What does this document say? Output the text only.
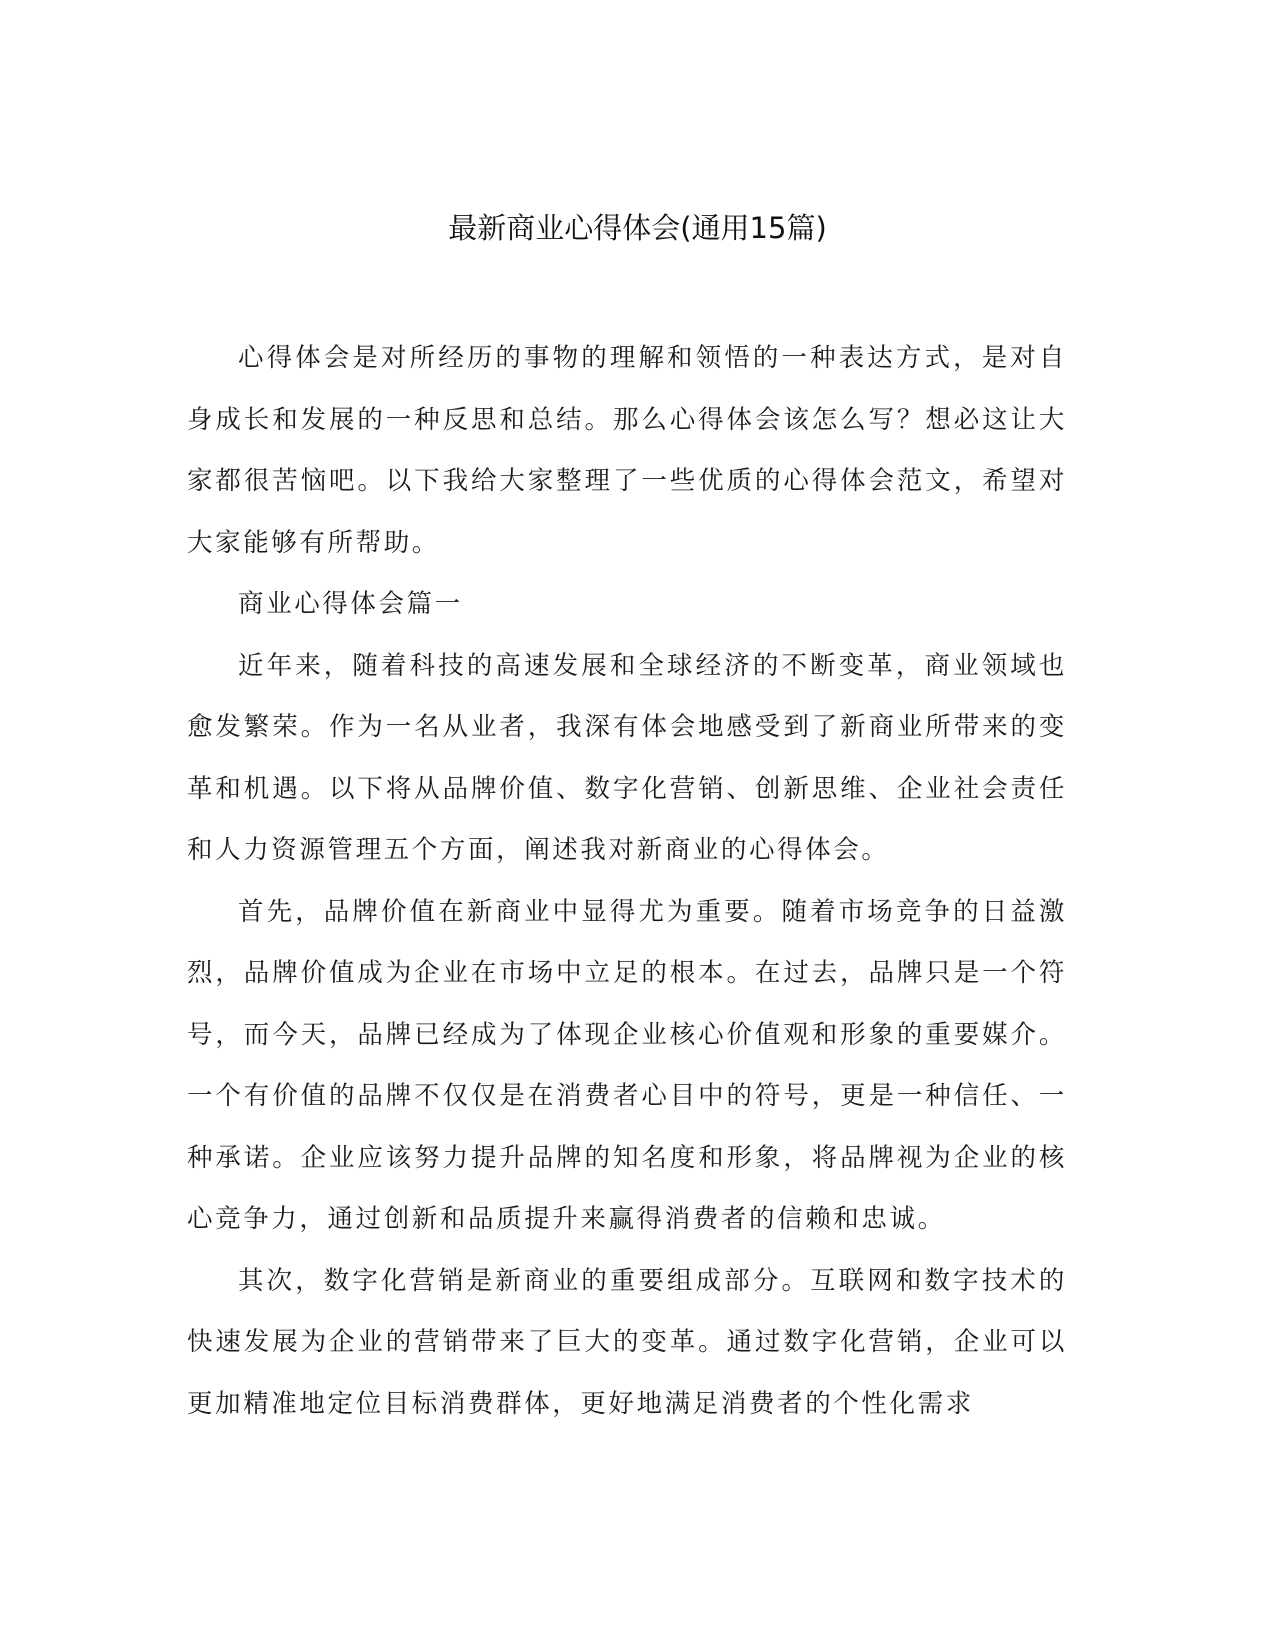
最新商业心得体会(通用15篇)

心得体会是对所经历的事物的理解和领悟的一种表达方式，是对自身成长和发展的一种反思和总结。那么心得体会该怎么写？想必这让大家都很苦恼吧。以下我给大家整理了一些优质的心得体会范文，希望对大家能够有所帮助。

商业心得体会篇一

近年来，随着科技的高速发展和全球经济的不断变革，商业领域也愈发繁荣。作为一名从业者，我深有体会地感受到了新商业所带来的变革和机遇。以下将从品牌价值、数字化营销、创新思维、企业社会责任和人力资源管理五个方面，阐述我对新商业的心得体会。

首先，品牌价值在新商业中显得尤为重要。随着市场竞争的日益激烈，品牌价值成为企业在市场中立足的根本。在过去，品牌只是一个符号，而今天，品牌已经成为了体现企业核心价值观和形象的重要媒介。一个有价值的品牌不仅仅是在消费者心目中的符号，更是一种信任、一种承诺。企业应该努力提升品牌的知名度和形象，将品牌视为企业的核心竞争力，通过创新和品质提升来赢得消费者的信赖和忠诚。

其次，数字化营销是新商业的重要组成部分。互联网和数字技术的快速发展为企业的营销带来了巨大的变革。通过数字化营销，企业可以更加精准地定位目标消费群体，更好地满足消费者的个性化需求
